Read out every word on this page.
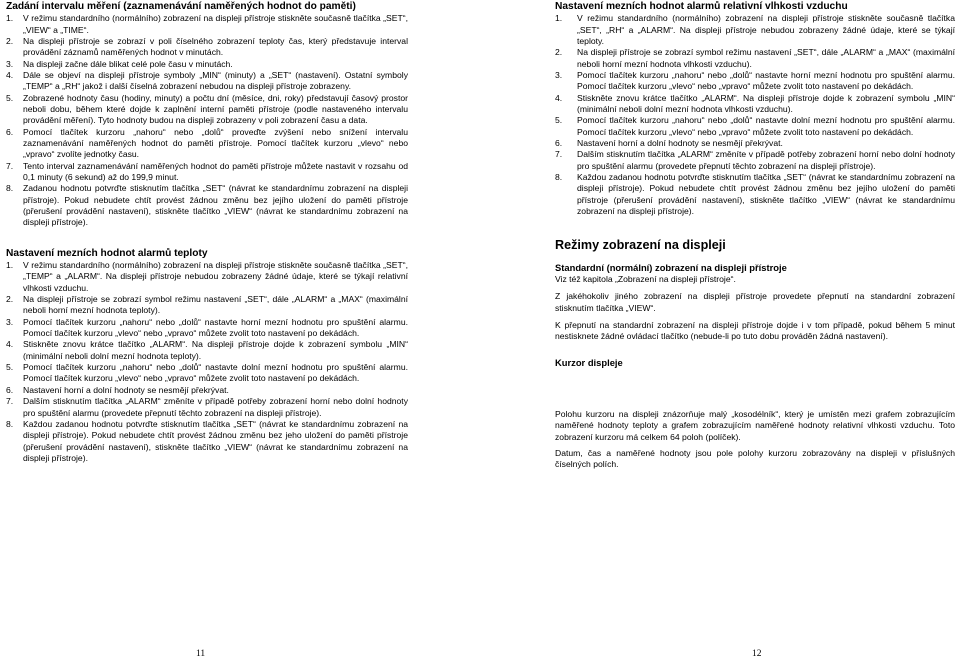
Zadání intervalu měření (zaznamenávání naměřených hodnot do paměti)
1.	V režimu standardního (normálního) zobrazení na displeji přístroje stiskněte současně tlačítka „SET“, „VIEW“ a „TIME“.
2.	Na displeji přístroje se zobrazí v poli číselného zobrazení teploty čas, který představuje interval provádění záznamů naměřených hodnot v minutách.
3.	Na displeji začne dále blikat celé pole času v minutách.
4.	Dále se objeví na displeji přístroje symboly „MIN“ (minuty) a „SET“ (nastavení). Ostatní symboly „TEMP“ a „RH“ jakož i další číselná zobrazení nebudou na displeji přístroje zobrazeny.
5.	Zobrazené hodnoty času (hodiny, minuty) a počtu dní (měsíce, dni, roky) představují časový prostor neboli dobu, během které dojde k zaplnění interní paměti přístroje (podle nastaveného intervalu provádění měření). Tyto hodnoty budou na displeji zobrazeny v poli zobrazení času a data.
6.	Pomocí tlačítek kurzoru „nahoru“ nebo „dolů“ proveďte zvýšení nebo snížení intervalu zaznamenávání naměřených hodnot do paměti přístroje. Pomocí tlačítek kurzoru „vlevo“ nebo „vpravo“ zvolíte jednotky času.
7.	Tento interval zaznamenávání naměřených hodnot do paměti přístroje můžete nastavit v rozsahu od 0,1 minuty (6 sekund) až do 199,9 minut.
8.	Zadanou hodnotu potvrďte stisknutím tlačítka „SET“ (návrat ke standardnímu zobrazení na displeji přístroje). Pokud nebudete chtít provést žádnou změnu bez jejího uložení do paměti přístroje (přerušení provádění nastavení), stiskněte tlačítko „VIEW“ (návrat ke standardnímu zobrazení na displeji přístroje).
Nastavení mezních hodnot alarmů teploty
1.	V režimu standardního (normálního) zobrazení na displeji přístroje stiskněte současně tlačítka „SET“, „TEMP“ a „ALARM“. Na displeji přístroje nebudou zobrazeny žádné údaje, které se týkají relativní vlhkosti vzduchu.
2.	Na displeji přístroje se zobrazí symbol režimu nastavení „SET“, dále „ALARM“ a „MAX“ (maximální neboli horní mezní hodnota teploty).
3.	Pomocí tlačítek kurzoru „nahoru“ nebo „dolů“ nastavte horní mezní hodnotu pro spuštění alarmu. Pomocí tlačítek kurzoru „vlevo“ nebo „vpravo“ můžete zvolit toto nastavení po dekádách.
4.	Stiskněte znovu krátce tlačítko „ALARM“. Na displeji přístroje dojde k zobrazení symbolu „MIN“ (minimální neboli dolní mezní hodnota teploty).
5.	Pomocí tlačítek kurzoru „nahoru“ nebo „dolů“ nastavte dolní mezní hodnotu pro spuštění alarmu. Pomocí tlačítek kurzoru „vlevo“ nebo „vpravo“ můžete zvolit toto nastavení po dekádách.
6.	Nastavení horní a dolní hodnoty se nesmějí překrývat.
7.	Dalším stisknutím tlačítka „ALARM“ změníte v případě potřeby zobrazení horní nebo dolní hodnoty pro spuštění alarmu (provedete přepnutí těchto zobrazení na displeji přístroje).
8.	Každou zadanou hodnotu potvrďte stisknutím tlačítka „SET“ (návrat ke standardnímu zobrazení na displeji přístroje). Pokud nebudete chtít provést žádnou změnu bez jeho uložení do paměti přístroje (přerušení provádění nastavení), stiskněte tlačítko „VIEW“ (návrat ke standardnímu zobrazení na displeji přístroje).
Nastavení mezních hodnot alarmů relativní vlhkosti vzduchu
1.	V režimu standardního (normálního) zobrazení na displeji přístroje stiskněte současně tlačítka „SET“, „RH“ a „ALARM“. Na displeji přístroje nebudou zobrazeny žádné údaje, které se týkají teploty.
2.	Na displeji přístroje se zobrazí symbol režimu nastavení „SET“, dále „ALARM“ a „MAX“ (maximální neboli horní mezní hodnota vlhkosti vzduchu).
3.	Pomocí tlačítek kurzoru „nahoru“ nebo „dolů“ nastavte horní mezní hodnotu pro spuštění alarmu. Pomocí tlačítek kurzoru „vlevo“ nebo „vpravo“ můžete zvolit toto nastavení po dekádách.
4.	Stiskněte znovu krátce tlačítko „ALARM“. Na displeji přístroje dojde k zobrazení symbolu „MIN“ (minimální neboli dolní mezní hodnota vlhkosti vzduchu).
5.	Pomocí tlačítek kurzoru „nahoru“ nebo „dolů“ nastavte dolní mezní hodnotu pro spuštění alarmu. Pomocí tlačítek kurzoru „vlevo“ nebo „vpravo“ můžete zvolit toto nastavení po dekádách.
6.	Nastavení horní a dolní hodnoty se nesmějí překrývat.
7.	Dalším stisknutím tlačítka „ALARM“ změníte v případě potřeby zobrazení horní nebo dolní hodnoty pro spuštění alarmu (provedete přepnutí těchto zobrazení na displeji přístroje).
8.	Každou zadanou hodnotu potvrďte stisknutím tlačítka „SET“ (návrat ke standardnímu zobrazení na displeji přístroje). Pokud nebudete chtít provést žádnou změnu bez jejího uložení do paměti přístroje (přerušení provádění nastavení), stiskněte tlačítko „VIEW“ (návrat ke standardnímu zobrazení na displeji přístroje).
Režimy zobrazení na displeji
Standardní (normální) zobrazení na displeji přístroje

Viz též kapitola „Zobrazení na displeji přístroje“.

Z jakéhokoliv jiného zobrazení na displeji přístroje provedete přepnutí na standardní zobrazení stisknutím tlačítka „VIEW“.

K přepnutí na standardní zobrazení na displeji přístroje dojde i v tom případě, pokud během 5 minut nestisknete žádné ovládací tlačítko (nebude-li po tuto dobu prováděn žádná nastavení).

Kurzor displeje

Polohu kurzoru na displeji znázorňuje malý „kosodélník“, který je umístěn mezi grafem zobrazujícím naměřené hodnoty teploty a grafem zobrazujícím naměřené hodnoty relativní vlhkosti vzduchu. Toto zobrazení kurzoru má celkem 64 poloh (políček).

Datum, čas a naměřené hodnoty jsou pole polohy kurzoru zobrazovány na displeji v příslušných číselných polích.

11	12
